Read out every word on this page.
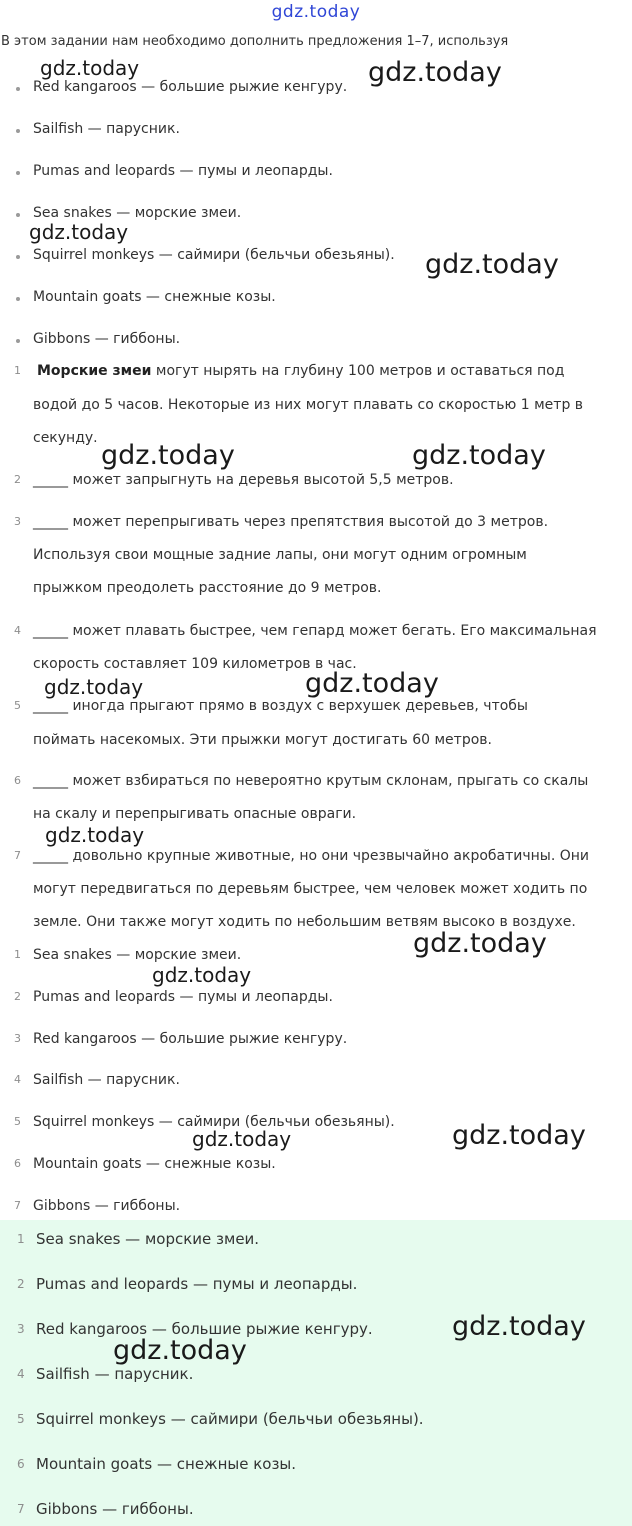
gdz.today
В этом задании нам необходимо дополнить предложения 1–7, используя
Red kangaroos — большие рыжие кенгуру.
Sailfish — парусник.
Pumas and leopards — пумы и леопарды.
Sea snakes — морские змеи.
Squirrel monkeys — саймири (бельчьи обезьяны).
Mountain goats — снежные козы.
Gibbons — гиббоны.
1 Морские змеи могут нырять на глубину 100 метров и оставаться под
водой до 5 часов. Некоторые из них могут плавать со скоростью 1 метр в
секунду.
2 _____ может запрыгнуть на деревья высотой 5,5 метров.
3 _____ может перепрыгивать через препятствия высотой до 3 метров.
Используя свои мощные задние лапы, они могут одним огромным
прыжком преодолеть расстояние до 9 метров.
4 _____ может плавать быстрее, чем гепард может бегать. Его максимальная
скорость составляет 109 километров в час.
5 _____ иногда прыгают прямо в воздух с верхушек деревьев, чтобы
поймать насекомых. Эти прыжки могут достигать 60 метров.
6 _____ может взбираться по невероятно крутым склонам, прыгать со скалы
на скалу и перепрыгивать опасные овраги.
7 _____ довольно крупные животные, но они чрезвычайно акробатичны. Они
могут передвигаться по деревьям быстрее, чем человек может ходить по
земле. Они также могут ходить по небольшим ветвям высоко в воздухе.
1 Sea snakes — морские змеи.
2 Pumas and leopards — пумы и леопарды.
3 Red kangaroos — большие рыжие кенгуру.
4 Sailfish — парусник.
5 Squirrel monkeys — саймири (бельчьи обезьяны).
6 Mountain goats — снежные козы.
7 Gibbons — гиббоны.
1 Sea snakes — морские змеи.
2 Pumas and leopards — пумы и леопарды.
3 Red kangaroos — большие рыжие кенгуру.
4 Sailfish — парусник.
5 Squirrel monkeys — саймири (бельчьи обезьяны).
6 Mountain goats — снежные козы.
7 Gibbons — гиббоны.
gdz.today	gdz.today
gdz.today
gdz.today
gdz.today	gdz.today
gdz.today	gdz.today
gdz.today
gdz.today
gdz.today
gdz.today	gdz.today
gdz.today
gdz.today
